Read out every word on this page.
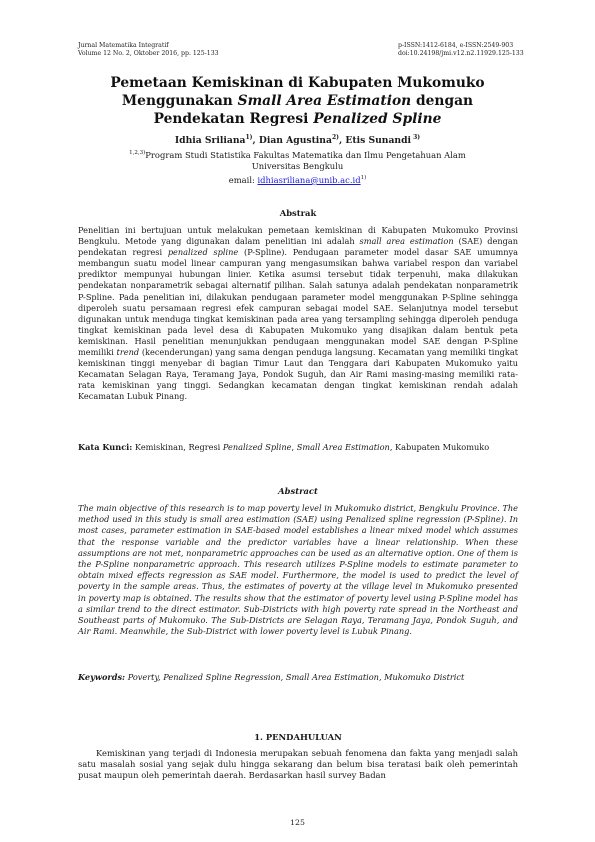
Jurnal Matematika Integratif
Volume 12 No. 2, Oktober 2016, pp. 125-133
p-ISSN:1412-6184, e-ISSN:2549-903
doi:10.24198/jmi.v12.n2.11929.125-133
Pemetaan Kemiskinan di Kabupaten Mukomuko
Menggunakan Small Area Estimation dengan
Pendekatan Regresi Penalized Spline
Idhia Sriliana$^{1)}$, Dian Agustina$^{2)}$, Etis Sunandi $^{3)}$
$^{1,2,3)}$Program Studi Statistika Fakultas Matematika dan Ilmu Pengetahuan Alam
Universitas Bengkulu
email: $idhiasriliana@unib.ac.id^{1)}$
Abstrak
Penelitian ini bertujuan untuk melakukan pemetaan kemiskinan di Kabupaten Mukomuko Provinsi Bengkulu. Metode yang digunakan dalam penelitian ini adalah small area estimation (SAE) dengan pendekatan regresi penalized spline (P-Spline). Pendugaan parameter model dasar SAE umumnya membangun suatu model linear campuran yang mengasumsikan bahwa variabel respon dan variabel prediktor mempunyai hubungan linier. Ketika asumsi tersebut tidak terpenuhi, maka dilakukan pendekatan nonparametrik sebagai alternatif pilihan. Salah satunya adalah pendekatan nonparametrik P-Spline. Pada penelitian ini, dilakukan pendugaan parameter model menggunakan P-Spline sehingga diperoleh suatu persamaan regresi efek campuran sebagai model SAE. Selanjutnya model tersebut digunakan untuk menduga tingkat kemiskinan pada area yang tersampling sehingga diperoleh penduga tingkat kemiskinan pada level desa di Kabupaten Mukomuko yang disajikan dalam bentuk peta kemiskinan. Hasil penelitian menunjukkan pendugaan menggunakan model SAE dengan P-Spline memiliki trend (kecenderungan) yang sama dengan penduga langsung. Kecamatan yang memiliki tingkat kemiskinan tinggi menyebar di bagian Timur Laut dan Tenggara dari Kabupaten Mukomuko yaitu Kecamatan Selagan Raya, Teramang Jaya, Pondok Suguh, dan Air Rami masing-masing memiliki rata-rata kemiskinan yang tinggi. Sedangkan kecamatan dengan tingkat kemiskinan rendah adalah Kecamatan Lubuk Pinang.
Kata Kunci: Kemiskinan, Regresi Penalized Spline, Small Area Estimation, Kabupaten Mukomuko
Abstract
The main objective of this research is to map poverty level in Mukomuko district, Bengkulu Province. The method used in this study is small area estimation (SAE) using Penalized spline regression (P-Spline). In most cases, parameter estimation in SAE-based model establishes a linear mixed model which assumes that the response variable and the predictor variables have a linear relationship. When these assumptions are not met, nonparametric approaches can be used as an alternative option. One of them is the P-Spline nonparametric approach. This research utilizes P-Spline models to estimate parameter to obtain mixed effects regression as SAE model. Furthermore, the model is used to predict the level of poverty in the sample areas. Thus, the estimates of poverty at the village level in Mukomuko presented in poverty map is obtained. The results show that the estimator of poverty level using P-Spline model has a similar trend to the direct estimator. Sub-Districts with high poverty rate spread in the Northeast and Southeast parts of Mukomuko. The Sub-Districts are Selagan Raya, Teramang Jaya, Pondok Suguh, and Air Rami. Meanwhile, the Sub-District with lower poverty level is Lubuk Pinang.
Keywords: Poverty, Penalized Spline Regression, Small Area Estimation, Mukomuko District
1. PENDAHULUAN
Kemiskinan yang terjadi di Indonesia merupakan sebuah fenomena dan fakta yang menjadi salah satu masalah sosial yang sejak dulu hingga sekarang dan belum bisa teratasi baik oleh pemerintah pusat maupun oleh pemerintah daerah. Berdasarkan hasil survey Badan
125
